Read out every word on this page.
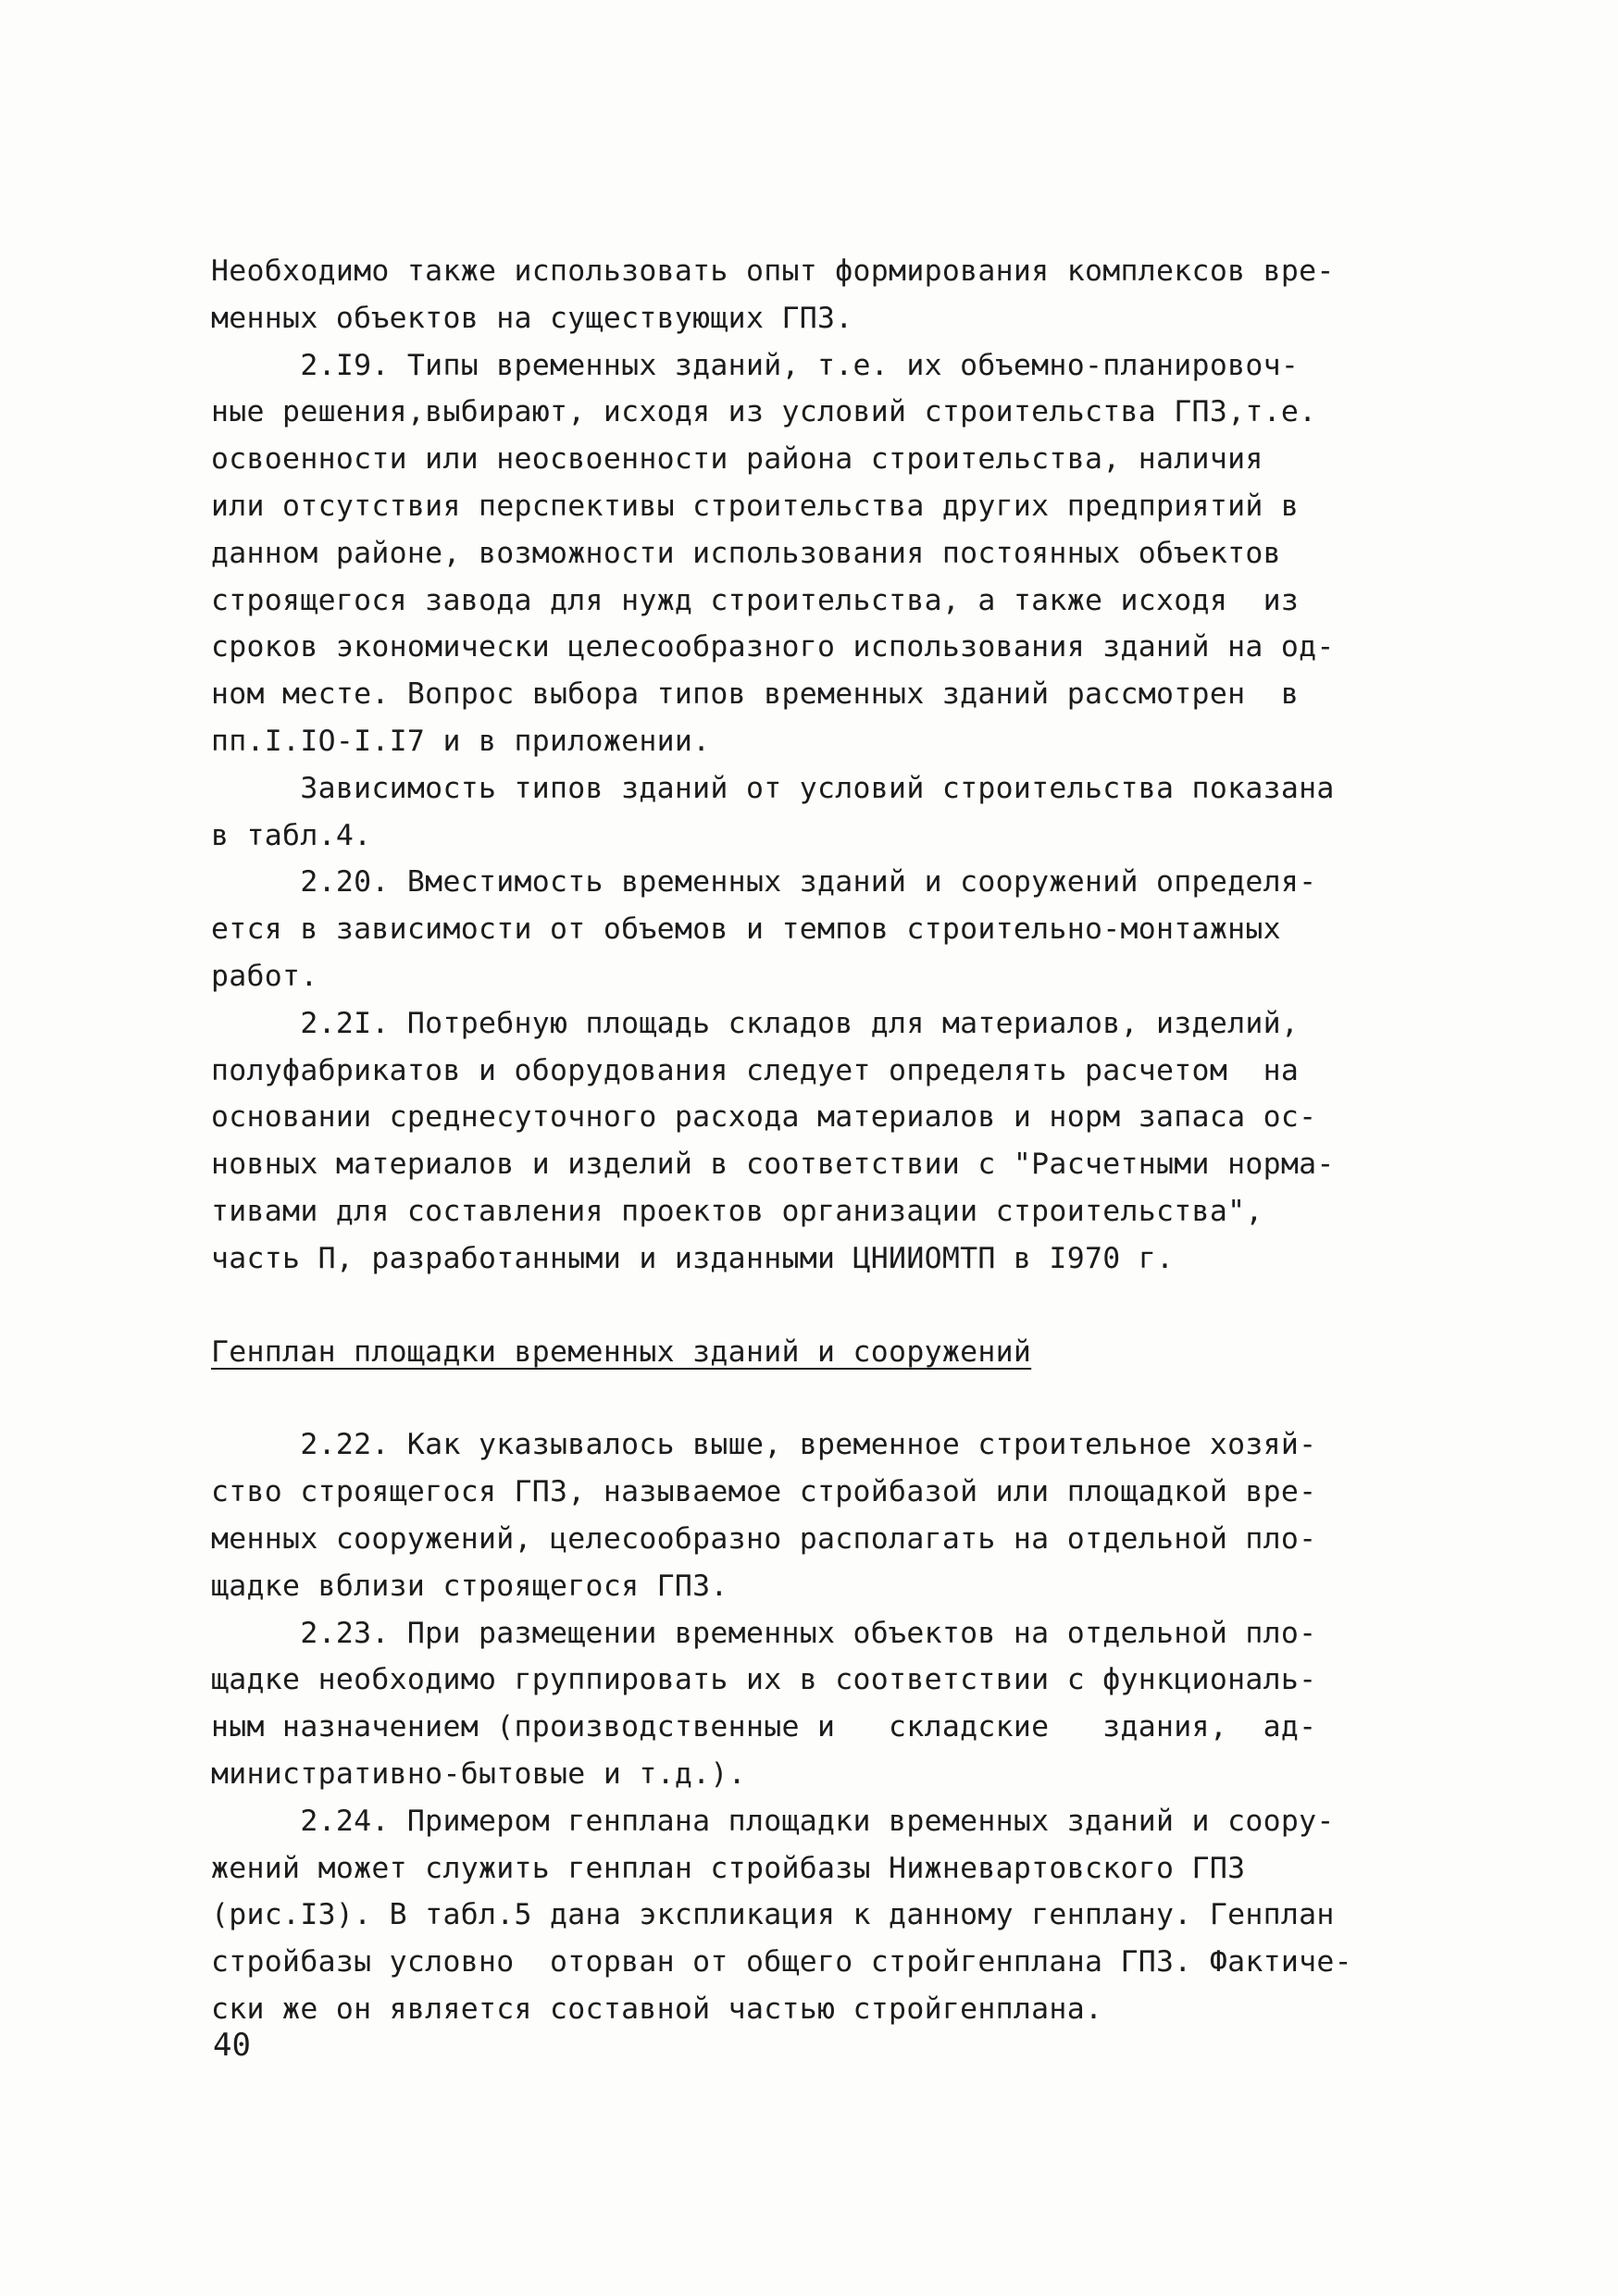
Необходимо также использовать опыт формирования комплексов вре-
менных объектов на существующих ГПЗ.
2.I9. Типы временных зданий, т.е. их объемно-планировоч-
ные решения,выбирают, исходя из условий строительства ГПЗ,т.е.
освоенности или неосвоенности района строительства, наличия
или отсутствия перспективы строительства других предприятий в
данном районе, возможности использования постоянных объектов
строящегося завода для нужд строительства, а также исходя  из
сроков экономически целесообразного использования зданий на од-
ном месте. Вопрос выбора типов временных зданий рассмотрен  в
пп.I.IO-I.I7 и в приложении.
Зависимость типов зданий от условий строительства показана
в табл.4.
2.20. Вместимость временных зданий и сооружений определя-
ется в зависимости от объемов и темпов строительно-монтажных
работ.
2.2I. Потребную площадь складов для материалов, изделий,
полуфабрикатов и оборудования следует определять расчетом  на
основании среднесуточного расхода материалов и норм запаса ос-
новных материалов и изделий в соответствии с "Расчетными норма-
тивами для составления проектов организации строительства",
часть П, разработанными и изданными ЦНИИОМТП в I970 г.
Генплан площадки временных зданий и сооружений
2.22. Как указывалось выше, временное строительное хозяй-
ство строящегося ГПЗ, называемое стройбазой или площадкой вре-
менных сооружений, целесообразно располагать на отдельной пло-
щадке вблизи строящегося ГПЗ.
2.23. При размещении временных объектов на отдельной пло-
щадке необходимо группировать их в соответствии с функциональ-
ным назначением (производственные и   складские   здания,  ад-
министративно-бытовые и т.д.).
2.24. Примером генплана площадки временных зданий и соору-
жений может служить генплан стройбазы Нижневартовского ГПЗ
(рис.I3). В табл.5 дана экспликация к данному генплану. Генплан
стройбазы условно  оторван от общего стройгенплана ГПЗ. Фактиче-
ски же он является составной частью стройгенплана.
40
